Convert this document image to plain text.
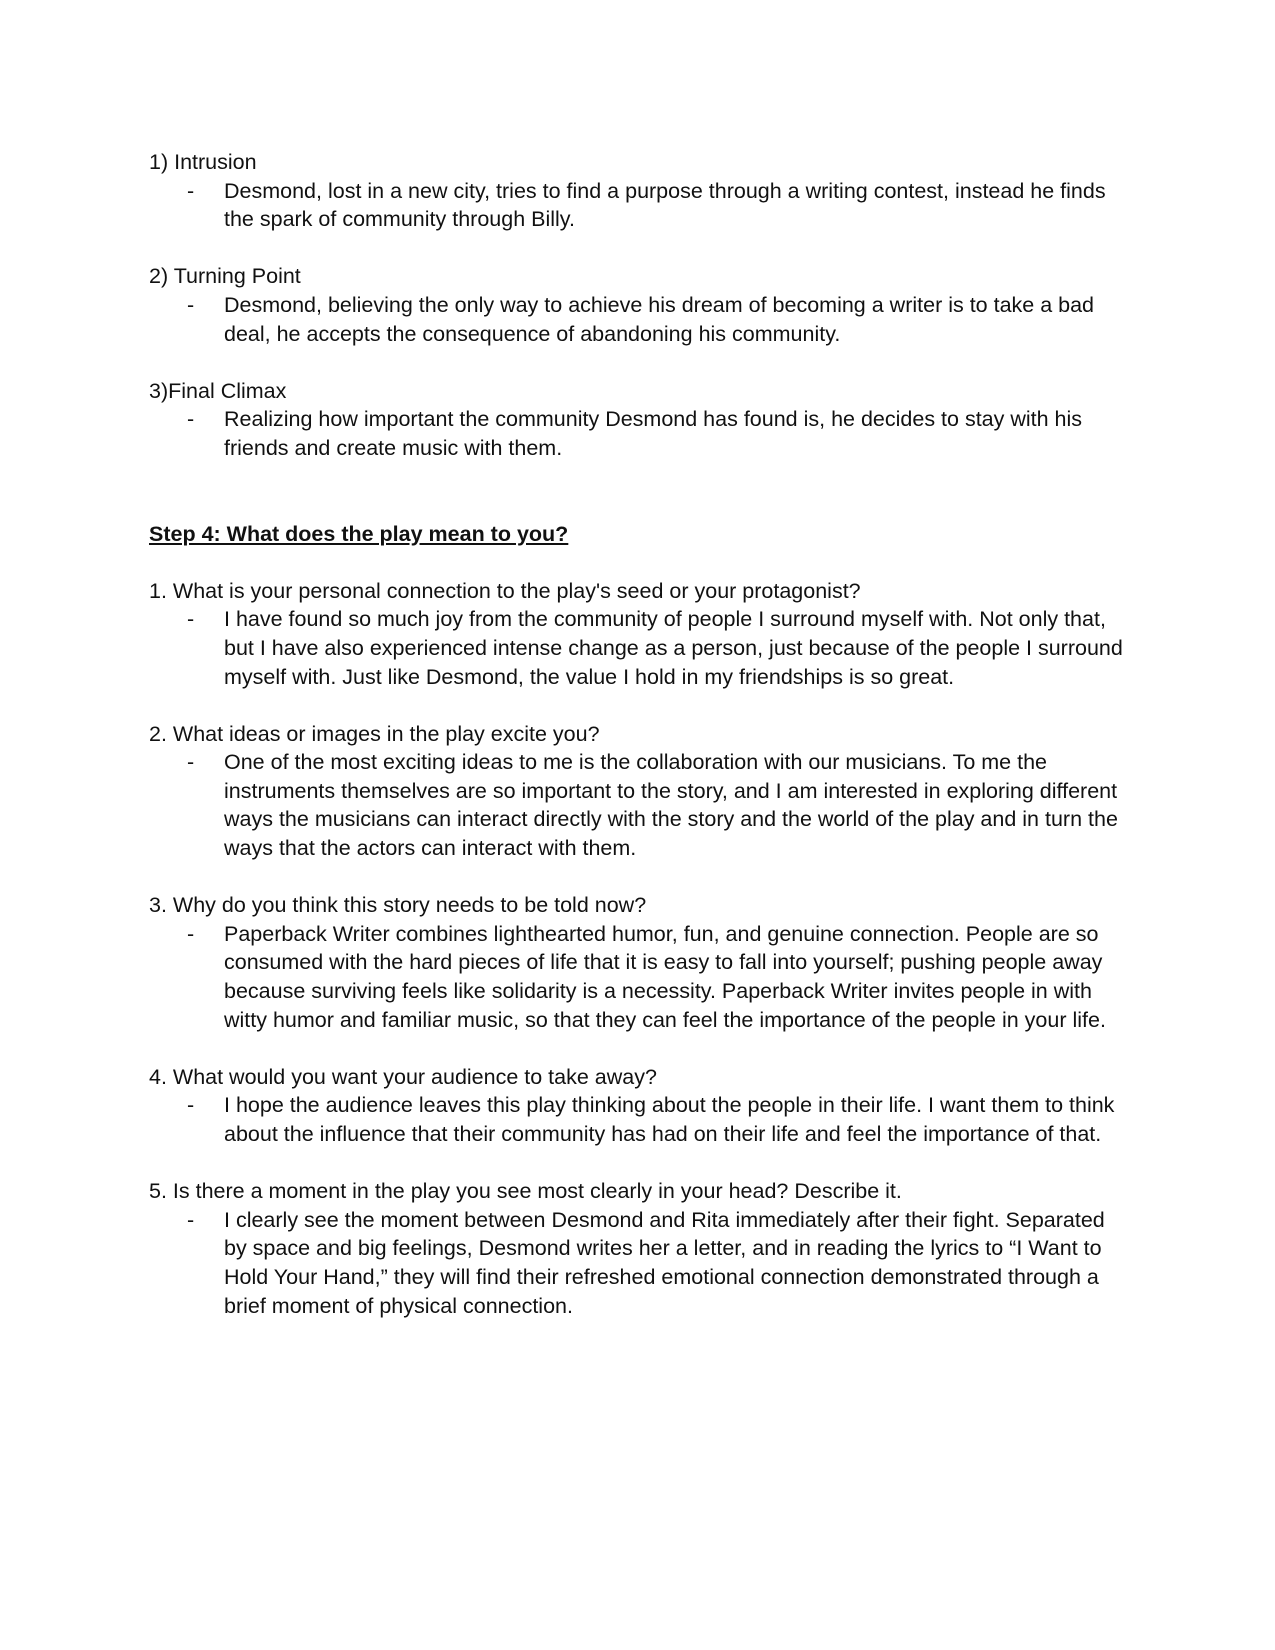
1) Intrusion

- Desmond, lost in a new city, tries to find a purpose through a writing contest, instead he finds the spark of community through Billy.

2) Turning Point

- Desmond, believing the only way to achieve his dream of becoming a writer is to take a bad deal, he accepts the consequence of abandoning his community.

3)Final Climax

- Realizing how important the community Desmond has found is, he decides to stay with his friends and create music with them.

Step 4: What does the play mean to you?

1. What is your personal connection to the play's seed or your protagonist?

- I have found so much joy from the community of people I surround myself with. Not only that, but I have also experienced intense change as a person, just because of the people I surround myself with. Just like Desmond, the value I hold in my friendships is so great.

2. What ideas or images in the play excite you?

- One of the most exciting ideas to me is the collaboration with our musicians. To me the instruments themselves are so important to the story, and I am interested in exploring different ways the musicians can interact directly with the story and the world of the play and in turn the ways that the actors can interact with them.

3. Why do you think this story needs to be told now?

- Paperback Writer combines lighthearted humor, fun, and genuine connection. People are so consumed with the hard pieces of life that it is easy to fall into yourself; pushing people away because surviving feels like solidarity is a necessity. Paperback Writer invites people in with witty humor and familiar music, so that they can feel the importance of the people in your life.

4. What would you want your audience to take away?

- I hope the audience leaves this play thinking about the people in their life. I want them to think about the influence that their community has had on their life and feel the importance of that.

5. Is there a moment in the play you see most clearly in your head? Describe it.

- I clearly see the moment between Desmond and Rita immediately after their fight. Separated by space and big feelings, Desmond writes her a letter, and in reading the lyrics to “I Want to Hold Your Hand,” they will find their refreshed emotional connection demonstrated through a brief moment of physical connection.
